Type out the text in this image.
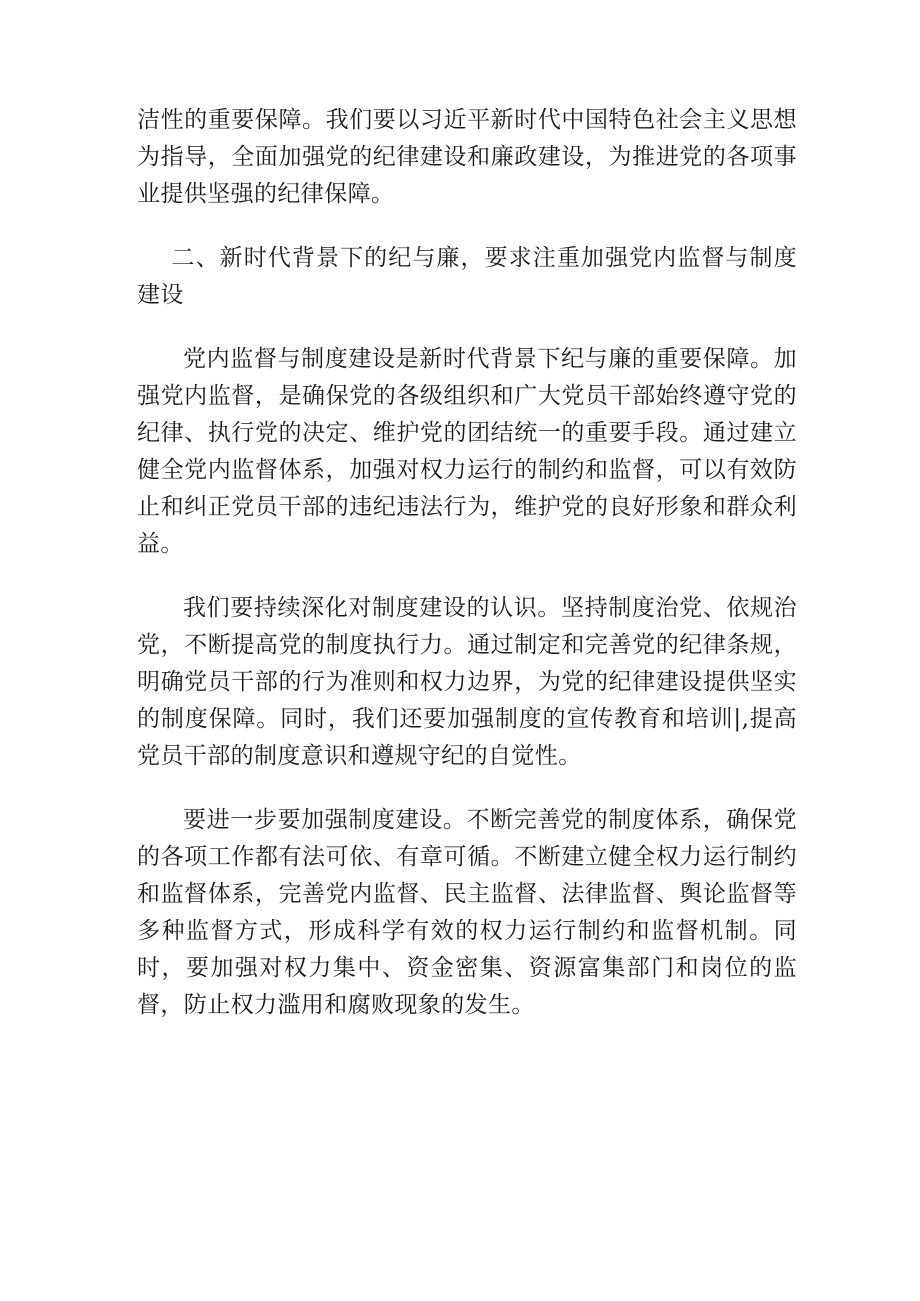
洁性的重要保障。我们要以习近平新时代中国特色社会主义思想为指导，全面加强党的纪律建设和廉政建设，为推进党的各项事业提供坚强的纪律保障。

二、新时代背景下的纪与廉，要求注重加强党内监督与制度建设

党内监督与制度建设是新时代背景下纪与廉的重要保障。加强党内监督，是确保党的各级组织和广大党员干部始终遵守党的纪律、执行党的决定、维护党的团结统一的重要手段。通过建立健全党内监督体系，加强对权力运行的制约和监督，可以有效防止和纠正党员干部的违纪违法行为，维护党的良好形象和群众利益。

我们要持续深化对制度建设的认识。坚持制度治党、依规治党，不断提高党的制度执行力。通过制定和完善党的纪律条规，明确党员干部的行为准则和权力边界，为党的纪律建设提供坚实的制度保障。同时，我们还要加强制度的宣传教育和培训|,提高党员干部的制度意识和遵规守纪的自觉性。

要进一步要加强制度建设。不断完善党的制度体系，确保党的各项工作都有法可依、有章可循。不断建立健全权力运行制约和监督体系，完善党内监督、民主监督、法律监督、舆论监督等多种监督方式，形成科学有效的权力运行制约和监督机制。同时，要加强对权力集中、资金密集、资源富集部门和岗位的监督，防止权力滥用和腐败现象的发生。
